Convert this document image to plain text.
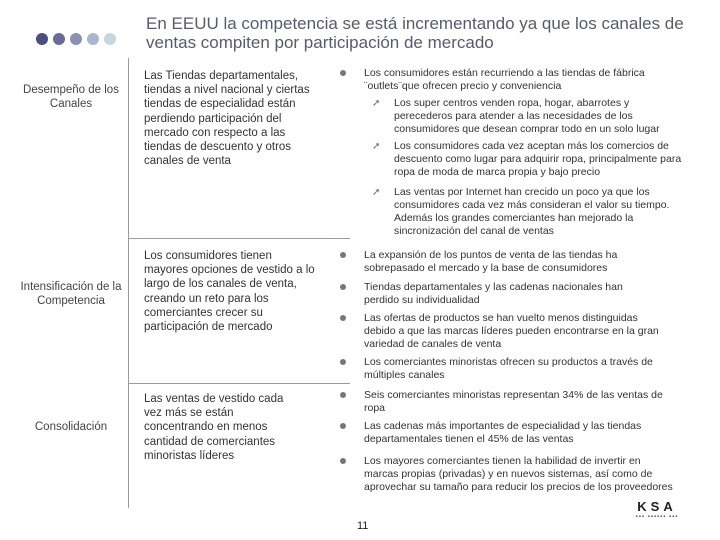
En EEUU la competencia se está incrementando ya que los canales de ventas compiten por participación de mercado
Desempeño de los Canales
Las Tiendas departamentales, tiendas a nivel nacional y ciertas tiendas de especialidad están perdiendo participación del mercado con respecto a las tiendas de descuento y otros canales de venta
Los consumidores están recurriendo a las tiendas de fábrica ¨outlets¨que ofrecen precio y conveniencia
➚ Los super centros venden ropa, hogar, abarrotes y perecederos para atender a las necesidades de los consumidores que desean comprar todo en un solo lugar
➚ Los consumidores cada vez aceptan más los comercios de descuento como lugar para adquirir ropa, principalmente para ropa de moda de marca propia y bajo precio
➚ Las ventas por Internet han crecido un poco ya que los consumidores cada vez más consideran el valor su tiempo. Además los grandes comerciantes han mejorado la sincronización del canal de ventas
Intensificación de la Competencia
Los consumidores tienen mayores opciones de vestido a lo largo de los canales de venta, creando un reto para los comerciantes crecer su participación de mercado
La expansión de los puntos de venta de las tiendas ha sobrepasado el mercado y la base de consumidores
Tiendas departamentales y las cadenas nacionales han perdido su individualidad
Las ofertas de productos se han vuelto menos distinguidas debido a que las marcas líderes pueden encontrarse en la gran variedad de canales de venta
Los comerciantes minoristas ofrecen su productos a través de múltiples canales
Consolidación
Las ventas de vestido cada vez más se están concentrando en menos cantidad de comerciantes minoristas líderes
Seis comerciantes minoristas representan 34% de las ventas de ropa
Las cadenas más importantes de especialidad y las tiendas departamentales tienen el 45% de las ventas
Los mayores comerciantes tienen la habilidad de invertir en marcas propias (privadas) y en nuevos sistemas, así como de aprovechar su tamaño para reducir los precios de los proveedores
11
KSA
▪▪▪ ▪▪▪▪▪▪ ▪▪▪
